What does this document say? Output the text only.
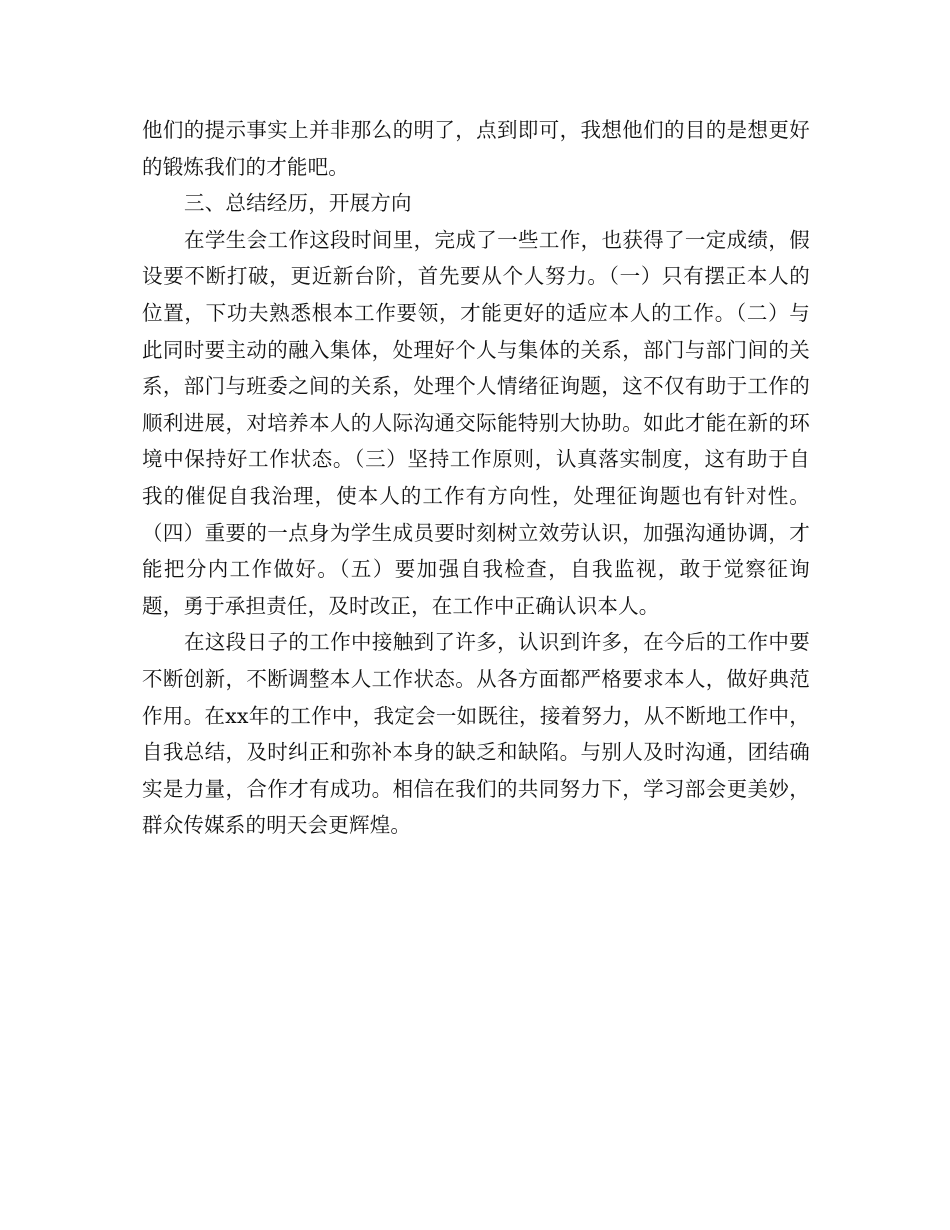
他们的提示事实上并非那么的明了，点到即可，我想他们的目的是想更好的锻炼我们的才能吧。

三、总结经历，开展方向

在学生会工作这段时间里，完成了一些工作，也获得了一定成绩，假设要不断打破，更近新台阶，首先要从个人努力。（一）只有摆正本人的位置，下功夫熟悉根本工作要领，才能更好的适应本人的工作。（二）与此同时要主动的融入集体，处理好个人与集体的关系，部门与部门间的关系，部门与班委之间的关系，处理个人情绪征询题，这不仅有助于工作的顺利进展，对培养本人的人际沟通交际能特别大协助。如此才能在新的环境中保持好工作状态。（三）坚持工作原则，认真落实制度，这有助于自我的催促自我治理，使本人的工作有方向性，处理征询题也有针对性。（四）重要的一点身为学生成员要时刻树立效劳认识，加强沟通协调，才能把分内工作做好。（五）要加强自我检查，自我监视，敢于觉察征询题，勇于承担责任，及时改正，在工作中正确认识本人。

在这段日子的工作中接触到了许多，认识到许多，在今后的工作中要不断创新，不断调整本人工作状态。从各方面都严格要求本人，做好典范作用。在xx年的工作中，我定会一如既往，接着努力，从不断地工作中，自我总结，及时纠正和弥补本身的缺乏和缺陷。与别人及时沟通，团结确实是力量，合作才有成功。相信在我们的共同努力下，学习部会更美妙，群众传媒系的明天会更辉煌。
